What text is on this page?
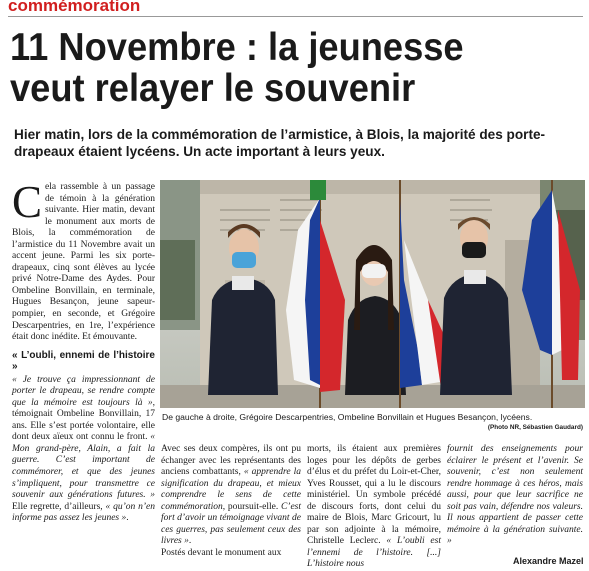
commémoration
11 Novembre : la jeunesse veut relayer le souvenir

Hier matin, lors de la commémoration de l’armistice, à Blois, la majorité des porte-drapeaux étaient lycéens. Un acte important à leurs yeux.

Cela rassemble à un passage de témoin à la génération suivante. Hier matin, devant le monument aux morts de Blois, la commémoration de l’armistice du 11 Novembre avait un accent jeune. Parmi les six porte-drapeaux, cinq sont élèves au lycée privé Notre-Dame des Aydes. Pour Ombeline Bonvillain, en terminale, Hugues Besançon, jeune sapeur-pompier, en seconde, et Grégoire Descarpentries, en 1re, l’expérience était donc inédite. Et émouvante.

« L’oubli, ennemi de l’histoire »

« Je trouve ça impressionnant de porter le drapeau, se rendre compte que la mémoire est toujours là », témoignait Ombeline Bonvillain, 17 ans. Elle s’est portée volontaire, elle dont deux aïeux ont connu le front. « Mon grand-père, Alain, a fait la guerre. C’est important de commémorer, et que des jeunes s’impliquent, pour transmettre ce souvenir aux générations futures. » Elle regrette, d’ailleurs, « qu’on n’en informe pas assez les jeunes ».

De gauche à droite, Grégoire Descarpentries, Ombeline Bonvillain et Hugues Besançon, lycéens.
(Photo NR, Sébastien Gaudard)

Avec ses deux compères, ils ont pu échanger avec les représentants des anciens combattants, « apprendre la signification du drapeau, et mieux comprendre le sens de cette commémoration, poursuit-elle. C’est fort d’avoir un témoignage vivant de ces guerres, pas seulement ceux des livres ».

Postés devant le monument aux

morts, ils étaient aux premières loges pour les dépôts de gerbes d’élus et du préfet du Loir-et-Cher, Yves Rousset, qui a lu le discours ministériel. Un symbole précédé de discours forts, dont celui du maire de Blois, Marc Gricourt, lu par son adjointe à la mémoire, Christelle Leclerc. « L’oubli est l’ennemi de l’histoire. [...] L’histoire nous

fournit des enseignements pour éclairer le présent et l’avenir. Se souvenir, c’est non seulement rendre hommage à ces héros, mais aussi, pour que leur sacrifice ne soit pas vain, défendre nos valeurs. Il nous appartient de passer cette mémoire à la génération suivante. »

Alexandre Mazel
